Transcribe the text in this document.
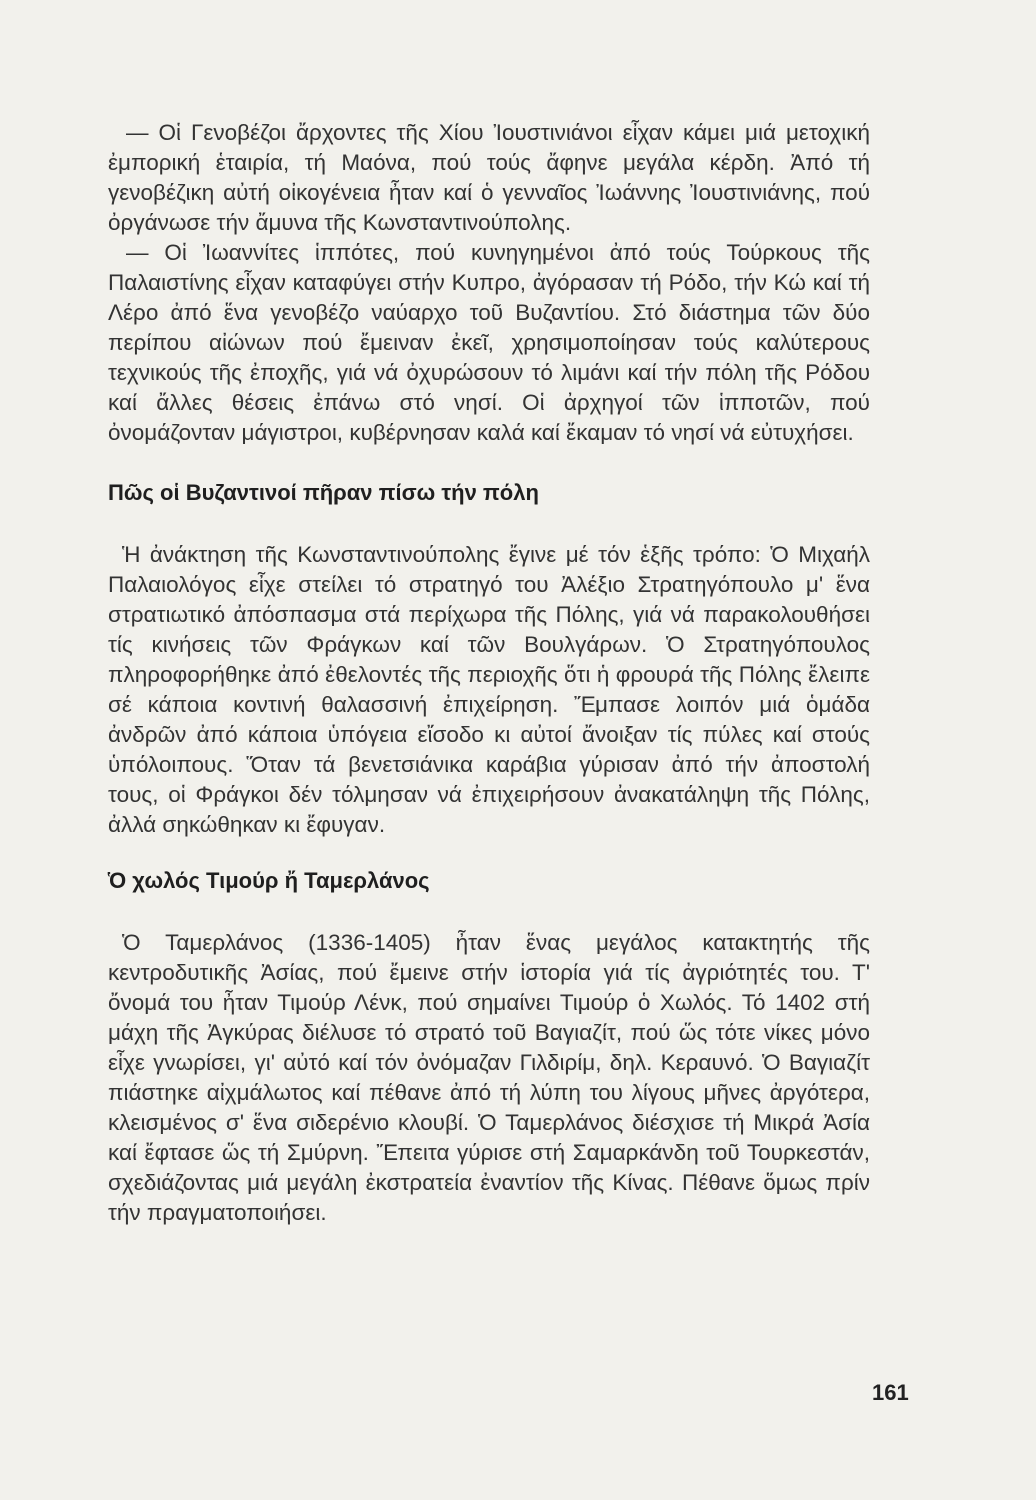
— Οἱ Γενοβέζοι ἄρχοντες τῆς Χίου Ἰουστινιάνοι εἶχαν κάμει μιά μετοχική ἐμπορική ἑταιρία, τή Μαόνα, πού τούς ἄφηνε μεγάλα κέρδη. Ἀπό τή γενοβέζικη αὐτή οἰκογένεια ἦταν καί ὁ γενναῖος Ἰωάννης Ἰουστινιάνης, πού ὀργάνωσε τήν ἄμυνα τῆς Κωνσταντινούπολης.

— Οἱ Ἰωαννίτες ἱππότες, πού κυνηγημένοι ἀπό τούς Τούρκους τῆς Παλαιστίνης εἶχαν καταφύγει στήν Κυπρο, ἀγόρασαν τή Ρόδο, τήν Κώ καί τή Λέρο ἀπό ἕνα γενοβέζο ναύαρχο τοῦ Βυζαντίου. Στό διάστημα τῶν δύο περίπου αἰώνων πού ἔμειναν ἐκεῖ, χρησιμοποίησαν τούς καλύτερους τεχνικούς τῆς ἐποχῆς, γιά νά ὀχυρώσουν τό λιμάνι καί τήν πόλη τῆς Ρόδου καί ἄλλες θέσεις ἐπάνω στό νησί. Οἱ ἀρχηγοί τῶν ἱπποτῶν, πού ὀνομάζονταν μάγιστροι, κυβέρνησαν καλά καί ἔκαμαν τό νησί νά εὐτυχήσει.

Πῶς οἱ Βυζαντινοί πῆραν πίσω τήν πόλη

Ἡ ἀνάκτηση τῆς Κωνσταντινούπολης ἔγινε μέ τόν ἑξῆς τρόπο: Ὁ Μιχαήλ Παλαιολόγος εἶχε στείλει τό στρατηγό του Ἀλέξιο Στρατηγόπουλο μ' ἕνα στρατιωτικό ἀπόσπασμα στά περίχωρα τῆς Πόλης, γιά νά παρακολουθήσει τίς κινήσεις τῶν Φράγκων καί τῶν Βουλγάρων. Ὁ Στρατηγόπουλος πληροφορήθηκε ἀπό ἐθελοντές τῆς περιοχῆς ὅτι ἡ φρουρά τῆς Πόλης ἔλειπε σέ κάποια κοντινή θαλασσινή ἐπιχείρηση. Ἔμπασε λοιπόν μιά ὁμάδα ἀνδρῶν ἀπό κάποια ὑπόγεια εἴσοδο κι αὐτοί ἄνοιξαν τίς πύλες καί στούς ὑπόλοιπους. Ὅταν τά βενετσιάνικα καράβια γύρισαν ἀπό τήν ἀποστολή τους, οἱ Φράγκοι δέν τόλμησαν νά ἐπιχειρήσουν ἀνακατάληψη τῆς Πόλης, ἀλλά σηκώθηκαν κι ἔφυγαν.

Ὁ χωλός Τιμούρ ἤ Ταμερλάνος

Ὁ Ταμερλάνος (1336-1405) ἦταν ἕνας μεγάλος κατακτητής τῆς κεντροδυτικῆς Ἀσίας, πού ἔμεινε στήν ἱστορία γιά τίς ἀγριότητές του. Τ' ὄνομά του ἦταν Τιμούρ Λένκ, πού σημαίνει Τιμούρ ὁ Χωλός. Τό 1402 στή μάχη τῆς Ἀγκύρας διέλυσε τό στρατό τοῦ Βαγιαζίτ, πού ὥς τότε νίκες μόνο εἶχε γνωρίσει, γι' αὐτό καί τόν ὀνόμαζαν Γιλδιρίμ, δηλ. Κεραυνό. Ὁ Βαγιαζίτ πιάστηκε αἰχμάλωτος καί πέθανε ἀπό τή λύπη του λίγους μῆνες ἀργότερα, κλεισμένος σ' ἕνα σιδερένιο κλουβί. Ὁ Ταμερλάνος διέσχισε τή Μικρά Ἀσία καί ἔφτασε ὥς τή Σμύρνη. Ἔπειτα γύρισε στή Σαμαρκάνδη τοῦ Τουρκεστάν, σχεδιάζοντας μιά μεγάλη ἐκστρατεία ἐναντίον τῆς Κίνας. Πέθανε ὅμως πρίν τήν πραγματοποιήσει.

161
